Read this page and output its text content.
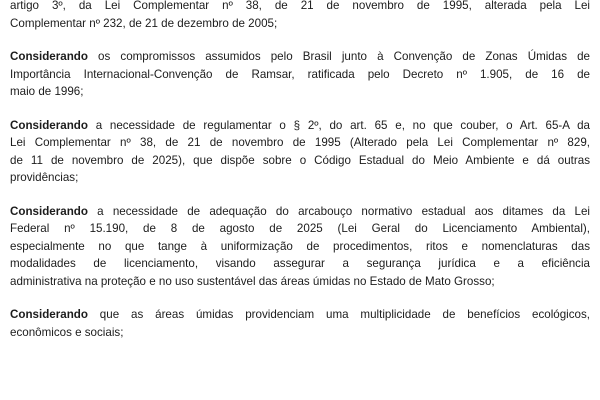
artigo 3º, da Lei Complementar nº 38, de 21 de novembro de 1995, alterada pela Lei
Complementar nº 232, de 21 de dezembro de 2005;

Considerando os compromissos assumidos pelo Brasil junto à Convenção de Zonas Úmidas de
Importância Internacional-Convenção de Ramsar, ratificada pelo Decreto nº 1.905, de 16 de
maio de 1996;

Considerando a necessidade de regulamentar o § 2º, do art. 65 e, no que couber, o Art. 65-A da
Lei Complementar nº 38, de 21 de novembro de 1995 (Alterado pela Lei Complementar nº 829,
de 11 de novembro de 2025), que dispõe sobre o Código Estadual do Meio Ambiente e dá outras
providências;

Considerando a necessidade de adequação do arcabouço normativo estadual aos ditames da Lei
Federal nº 15.190, de 8 de agosto de 2025 (Lei Geral do Licenciamento Ambiental),
especialmente no que tange à uniformização de procedimentos, ritos e nomenclaturas das
modalidades de licenciamento, visando assegurar a segurança jurídica e a eficiência
administrativa na proteção e no uso sustentável das áreas úmidas no Estado de Mato Grosso;

Considerando que as áreas úmidas providenciam uma multiplicidade de benefícios ecológicos,
econômicos e sociais;
